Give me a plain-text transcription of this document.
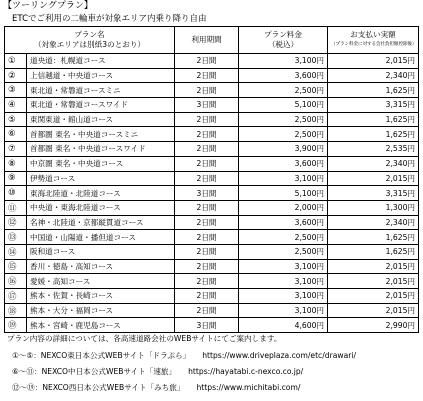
【ツーリングプラン】
ETCでご利用の二輪車が対象エリア内乗り降り自由
プラン名
（対象エリアは別紙3のとおり）		利用期間	プラン料金
（税込）	お支払い実額
（プラン料金に対する会社負担額控除後）

①	道央道：札幌道コース	2日間	3,100円	2,015円
②	上信越道・中央道コース	2日間	3,600円	2,340円
③	東北道・常磐道コースミニ	2日間	2,500円	1,625円
④	東北道・常磐道コースワイド	3日間	5,100円	3,315円
⑤	東関東道・館山道コース	2日間	2,500円	1,625円
⑥	首都圏 東名・中央道コースミニ	2日間	2,500円	1,625円
⑦	首都圏 東名・中央道コースワイド	2日間	3,900円	2,535円
⑧	中京圏 東名・中央道コース	2日間	3,600円	2,340円
⑨	伊勢道コース	2日間	3,100円	2,015円
⑩	東海北陸道・北陸道コース	3日間	5,100円	3,315円
⑪	中央道・東海北陸道コース	2日間	2,000円	1,300円
⑫	名神・北陸道・京都縦貫道コース	2日間	3,600円	2,340円
⑬	中国道・山陽道・播但道コース	2日間	2,500円	1,625円
⑭	阪和道コース	2日間	2,500円	1,625円
⑮	香川・徳島・高知コース	2日間	3,100円	2,015円
⑯	愛媛・高知コース	2日間	3,100円	2,015円
⑰	熊本・佐賀・長崎コース	2日間	3,100円	2,015円
⑱	熊本・大分・福岡コース	2日間	3,100円	2,015円
⑲	熊本・宮崎・鹿児島コース	3日間	4,600円	2,990円
プラン内容の詳細については、各高速道路会社のWEBサイトにてご案内します。
①～⑤：NEXCO東日本公式WEBサイト「ドラぷら」 https://www.driveplaza.com/etc/drawari/
⑥～⑪：NEXCO中日本公式WEBサイト「速旅」 https://hayatabi.c-nexco.co.jp/
⑫～⑲：NEXCO西日本公式WEBサイト「みち旅」 https://www.michitabi.com/
